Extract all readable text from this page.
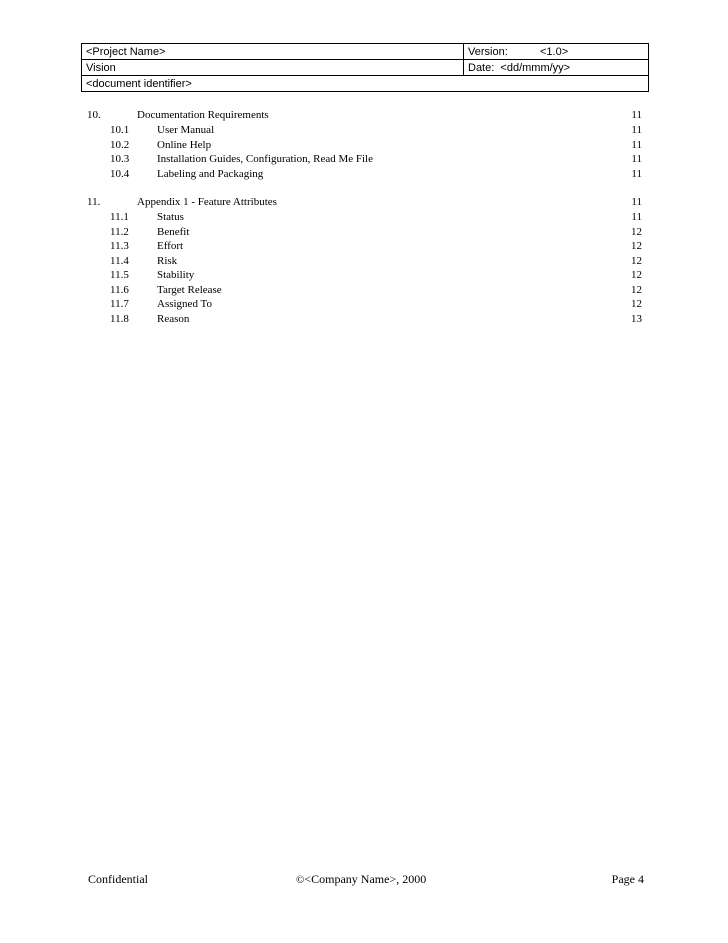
<Project Name>	Version: <1.0>
Vision	Date: <dd/mmm/yy>
<document identifier>	
10.	Documentation Requirements	11
10.1	User Manual	11
10.2	Online Help	11
10.3	Installation Guides, Configuration, Read Me File	11
10.4	Labeling and Packaging	11
11.	Appendix 1 - Feature Attributes	11
11.1	Status	11
11.2	Benefit	12
11.3	Effort	12
11.4	Risk	12
11.5	Stability	12
11.6	Target Release	12
11.7	Assigned To	12
11.8	Reason	13
Confidential	©<Company Name>, 2000	Page 4
